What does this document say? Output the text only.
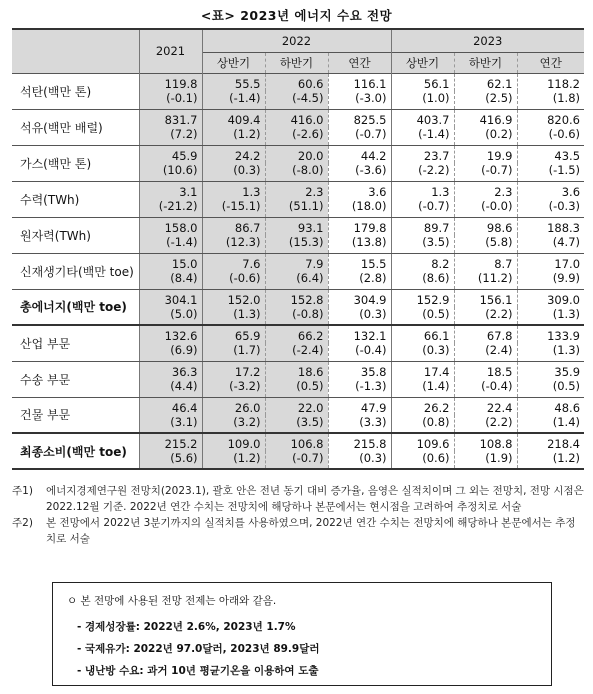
<표> 2023년 에너지 수요 전망
	2021	2022			2023		
		상반기	하반기	연간	상반기	하반기	연간
석탄(백만 톤)	119.8	55.5	60.6	116.1	56.1	62.1	118.2
	(-0.1)	(-1.4)	(-4.5)	(-3.0)	(1.0)	(2.5)	(1.8)
석유(백만 배럴)	831.7	409.4	416.0	825.5	403.7	416.9	820.6
	(7.2)	(1.2)	(-2.6)	(-0.7)	(-1.4)	(0.2)	(-0.6)
가스(백만 톤)	45.9	24.2	20.0	44.2	23.7	19.9	43.5
	(10.6)	(0.3)	(-8.0)	(-3.6)	(-2.2)	(-0.7)	(-1.5)
수력(TWh)	3.1	1.3	2.3	3.6	1.3	2.3	3.6
	(-21.2)	(-15.1)	(51.1)	(18.0)	(-0.7)	(-0.0)	(-0.3)
원자력(TWh)	158.0	86.7	93.1	179.8	89.7	98.6	188.3
	(-1.4)	(12.3)	(15.3)	(13.8)	(3.5)	(5.8)	(4.7)
신재생기타(백만 toe)	15.0	7.6	7.9	15.5	8.2	8.7	17.0
	(8.4)	(-0.6)	(6.4)	(2.8)	(8.6)	(11.2)	(9.9)
총에너지(백만 toe)	304.1	152.0	152.8	304.9	152.9	156.1	309.0
	(5.0)	(1.3)	(-0.8)	(0.3)	(0.5)	(2.2)	(1.3)
산업 부문	132.6	65.9	66.2	132.1	66.1	67.8	133.9
	(6.9)	(1.7)	(-2.4)	(-0.4)	(0.3)	(2.4)	(1.3)
수송 부문	36.3	17.2	18.6	35.8	17.4	18.5	35.9
	(4.4)	(-3.2)	(0.5)	(-1.3)	(1.4)	(-0.4)	(0.5)
건물 부문	46.4	26.0	22.0	47.9	26.2	22.4	48.6
	(3.1)	(3.2)	(3.5)	(3.3)	(0.8)	(2.2)	(1.4)
최종소비(백만 toe)	215.2	109.0	106.8	215.8	109.6	108.8	218.4
	(5.6)	(1.2)	(-0.7)	(0.3)	(0.6)	(1.9)	(1.2)
주1)	에너지경제연구원 전망치(2023.1), 괄호 안은 전년 동기 대비 증가율, 음영은 실적치이며 그 외는 전망치, 전망 시점은 2022.12월 기준. 2022년 연간 수치는 전망치에 해당하나 본문에서는 현시점을 고려하여 추정치로 서술
주2)	본 전망에서 2022년 3분기까지의 실적치를 사용하였으며, 2022년 연간 수치는 전망치에 해당하나 본문에서는 추정치로 서술
ㅇ 본 전망에 사용된 전망 전제는 아래와 같음.
- 경제성장률: 2022년 2.6%, 2023년 1.7%
- 국제유가: 2022년 97.0달러, 2023년 89.9달러
- 냉난방 수요: 과거 10년 평균기온을 이용하여 도출
